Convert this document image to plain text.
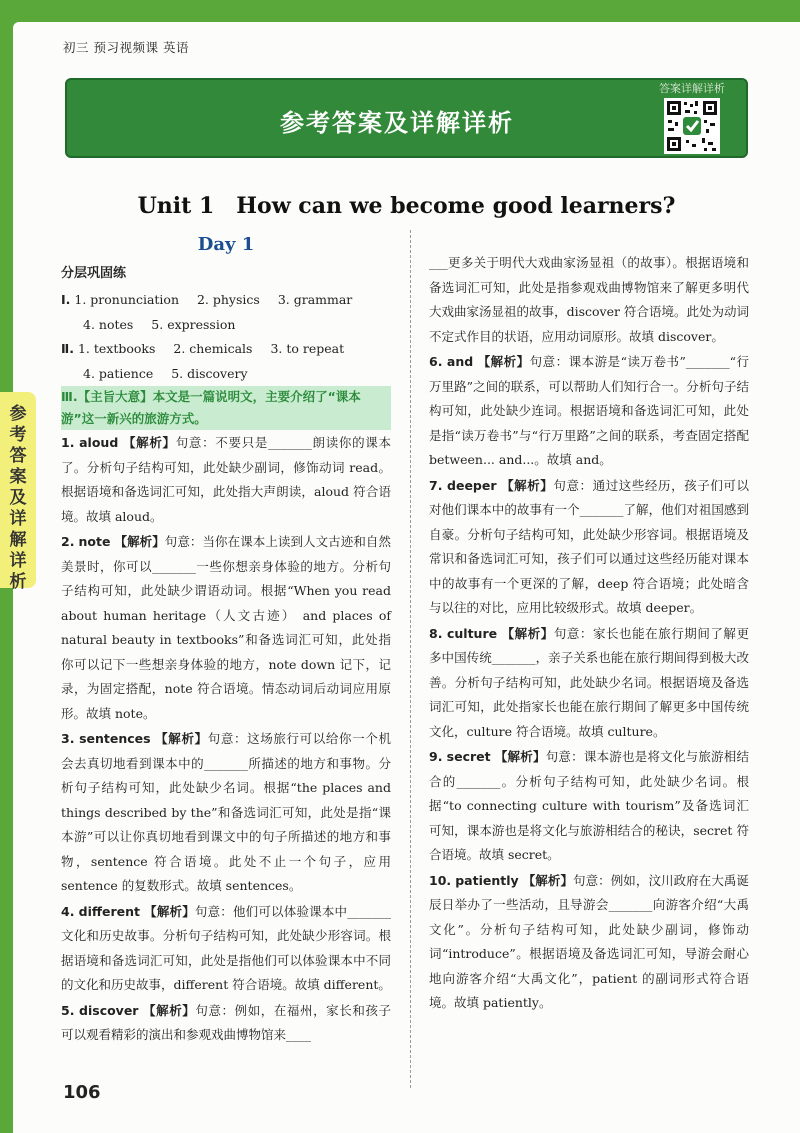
初三 预习视频课 英语
参考答案及详解详析
答案详解详析
Unit 1　How can we become good learners?
Day 1
分层巩固练
Ⅰ. 1. pronunciation 2. physics 3. grammar
4. notes 5. expression
Ⅱ. 1. textbooks 2. chemicals 3. to repeat
4. patience 5. discovery
Ⅲ.【主旨大意】本文是一篇说明文，主要介绍了“课本游”这一新兴的旅游方式。
1. aloud 【解析】句意：不要只是_______朗读你的课本了。分析句子结构可知，此处缺少副词，修饰动词 read。根据语境和备选词汇可知，此处指大声朗读，aloud 符合语境。故填 aloud。
2. note 【解析】句意：当你在课本上读到人文古迹和自然美景时，你可以_______一些你想亲身体验的地方。分析句子结构可知，此处缺少谓语动词。根据“When you read about human heritage（人文古迹） and places of natural beauty in textbooks”和备选词汇可知，此处指你可以记下一些想亲身体验的地方，note down 记下，记录，为固定搭配，note 符合语境。情态动词后动词应用原形。故填 note。
3. sentences 【解析】句意：这场旅行可以给你一个机会去真切地看到课本中的_______所描述的地方和事物。分析句子结构可知，此处缺少名词。根据“the places and things described by the”和备选词汇可知，此处是指“课本游”可以让你真切地看到课文中的句子所描述的地方和事物，sentence 符合语境。此处不止一个句子，应用 sentence 的复数形式。故填 sentences。
4. different 【解析】句意：他们可以体验课本中_______文化和历史故事。分析句子结构可知，此处缺少形容词。根据语境和备选词汇可知，此处是指他们可以体验课本中不同的文化和历史故事，different 符合语境。故填 different。
5. discover 【解析】句意：例如，在福州，家长和孩子可以观看精彩的演出和参观戏曲博物馆来____
___更多关于明代大戏曲家汤显祖（的故事）。根据语境和备选词汇可知，此处是指参观戏曲博物馆来了解更多明代大戏曲家汤显祖的故事，discover 符合语境。此处为动词不定式作目的状语，应用动词原形。故填 discover。
6. and 【解析】句意：课本游是“读万卷书”_______“行万里路”之间的联系，可以帮助人们知行合一。分析句子结构可知，此处缺少连词。根据语境和备选词汇可知，此处是指“读万卷书”与“行万里路”之间的联系，考查固定搭配 between... and...。故填 and。
7. deeper 【解析】句意：通过这些经历，孩子们可以对他们课本中的故事有一个_______了解，他们对祖国感到自豪。分析句子结构可知，此处缺少形容词。根据语境及常识和备选词汇可知，孩子们可以通过这些经历能对课本中的故事有一个更深的了解，deep 符合语境；此处暗含与以往的对比，应用比较级形式。故填 deeper。
8. culture 【解析】句意：家长也能在旅行期间了解更多中国传统_______，亲子关系也能在旅行期间得到极大改善。分析句子结构可知，此处缺少名词。根据语境及备选词汇可知，此处指家长也能在旅行期间了解更多中国传统文化，culture 符合语境。故填 culture。
9. secret 【解析】句意：课本游也是将文化与旅游相结合的_______。分析句子结构可知，此处缺少名词。根据“to connecting culture with tourism”及备选词汇可知，课本游也是将文化与旅游相结合的秘诀，secret 符合语境。故填 secret。
10. patiently 【解析】句意：例如，汶川政府在大禹诞辰日举办了一些活动，且导游会_______向游客介绍“大禹文化”。分析句子结构可知，此处缺少副词，修饰动词“introduce”。根据语境及备选词汇可知，导游会耐心地向游客介绍“大禹文化”，patient 的副词形式符合语境。故填 patiently。
106
参考答案及详解详析
